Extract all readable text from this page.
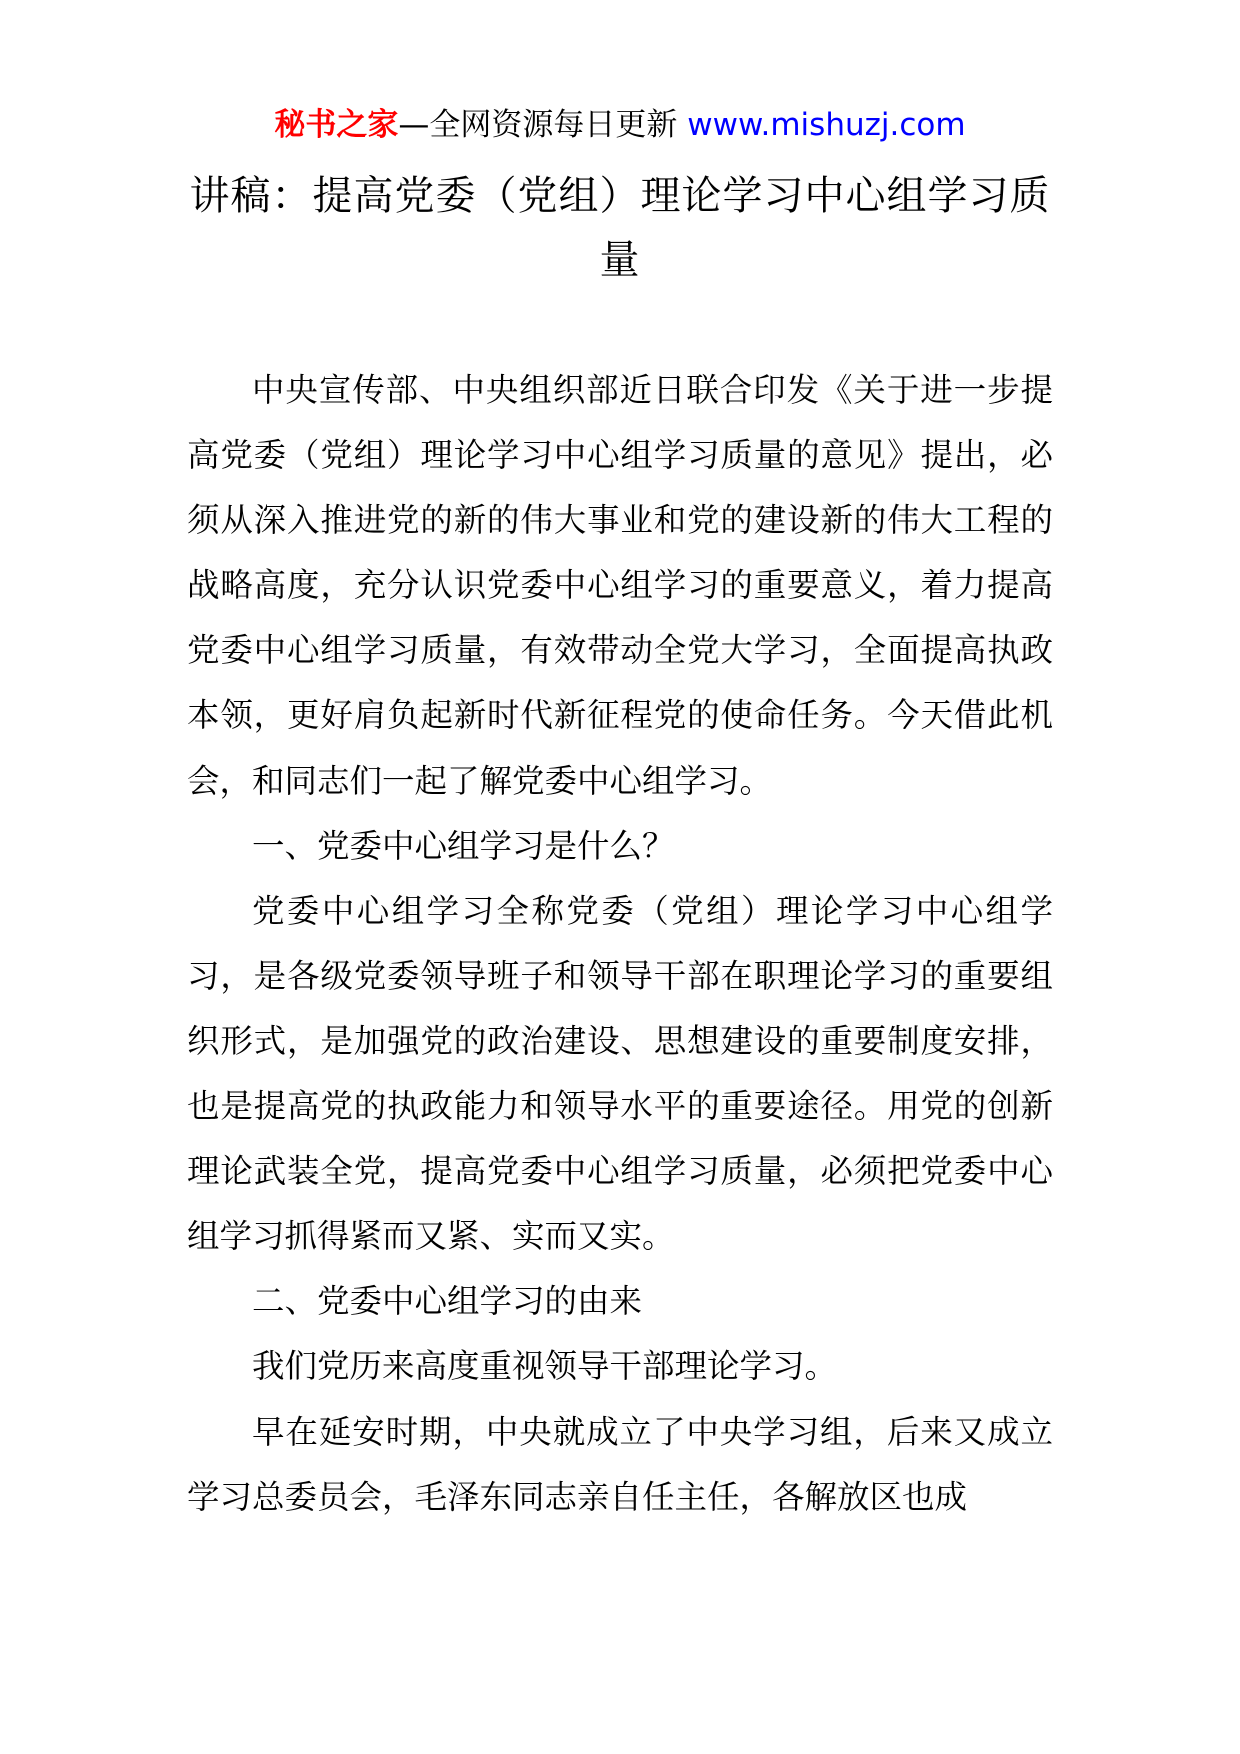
秘书之家—全网资源每日更新 www.mishuzj.com
讲稿：提高党委（党组）理论学习中心组学习质量

中央宣传部、中央组织部近日联合印发《关于进一步提高党委（党组）理论学习中心组学习质量的意见》提出，必须从深入推进党的新的伟大事业和党的建设新的伟大工程的战略高度，充分认识党委中心组学习的重要意义，着力提高党委中心组学习质量，有效带动全党大学习，全面提高执政本领，更好肩负起新时代新征程党的使命任务。今天借此机会，和同志们一起了解党委中心组学习。

一、党委中心组学习是什么？

党委中心组学习全称党委（党组）理论学习中心组学习，是各级党委领导班子和领导干部在职理论学习的重要组织形式，是加强党的政治建设、思想建设的重要制度安排，也是提高党的执政能力和领导水平的重要途径。用党的创新理论武装全党，提高党委中心组学习质量，必须把党委中心组学习抓得紧而又紧、实而又实。

二、党委中心组学习的由来

我们党历来高度重视领导干部理论学习。

早在延安时期，中央就成立了中央学习组，后来又成立学习总委员会，毛泽东同志亲自任主任，各解放区也成
